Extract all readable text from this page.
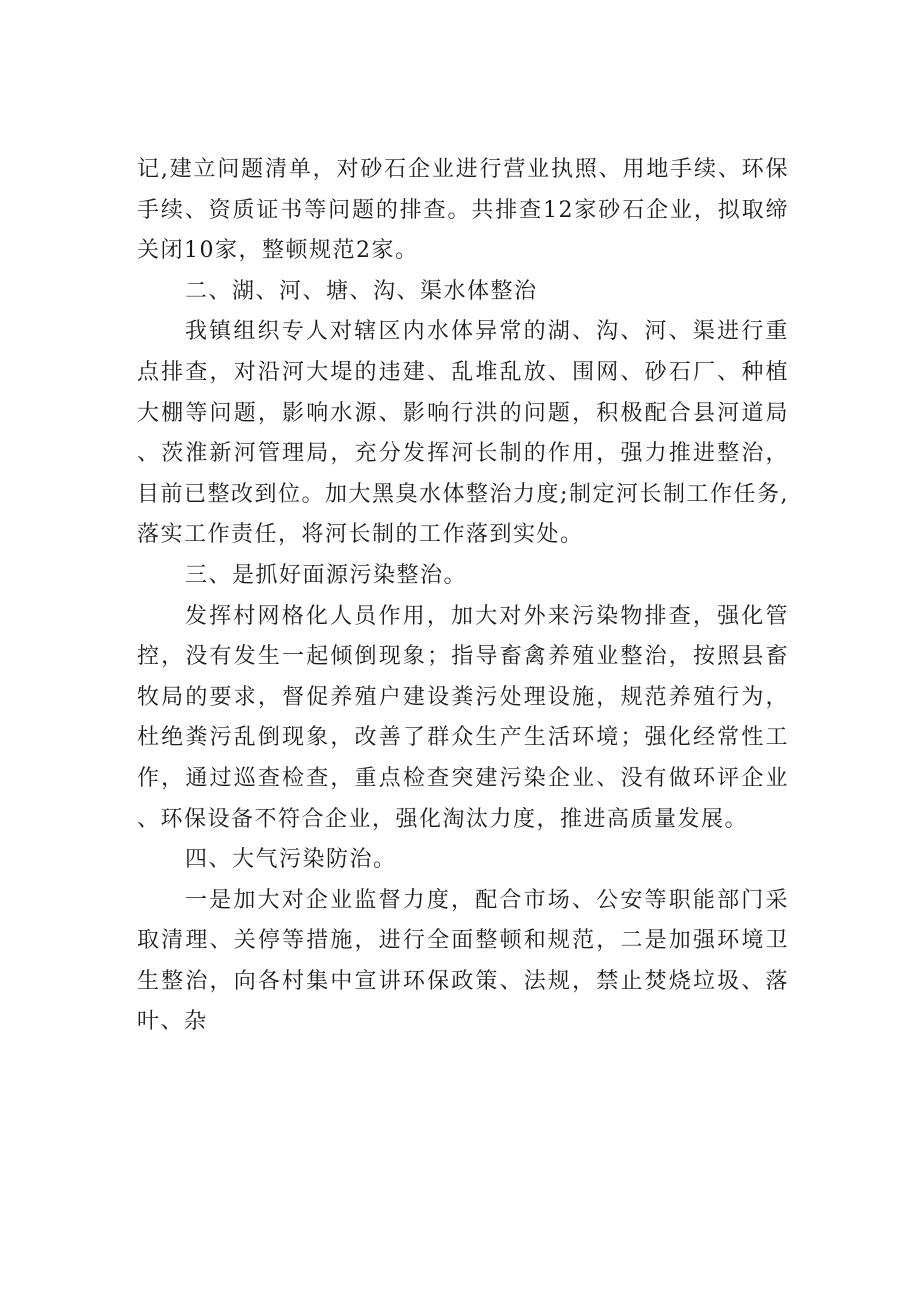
记,建立问题清单，对砂石企业进行营业执照、用地手续、环保手续、资质证书等问题的排查。共排查12家砂石企业，拟取缔关闭10家，整顿规范2家。

二、湖、河、塘、沟、渠水体整治

我镇组织专人对辖区内水体异常的湖、沟、河、渠进行重点排查，对沿河大堤的违建、乱堆乱放、围网、砂石厂、种植大棚等问题，影响水源、影响行洪的问题，积极配合县河道局、茨淮新河管理局，充分发挥河长制的作用，强力推进整治，目前已整改到位。加大黑臭水体整治力度;制定河长制工作任务,落实工作责任，将河长制的工作落到实处。

三、是抓好面源污染整治。

发挥村网格化人员作用，加大对外来污染物排查，强化管控，没有发生一起倾倒现象；指导畜禽养殖业整治，按照县畜牧局的要求，督促养殖户建设粪污处理设施，规范养殖行为，杜绝粪污乱倒现象，改善了群众生产生活环境；强化经常性工作，通过巡查检查，重点检查突建污染企业、没有做环评企业、环保设备不符合企业，强化淘汰力度，推进高质量发展。

四、大气污染防治。

一是加大对企业监督力度，配合市场、公安等职能部门采取清理、关停等措施，进行全面整顿和规范，二是加强环境卫生整治，向各村集中宣讲环保政策、法规，禁止焚烧垃圾、落叶、杂
